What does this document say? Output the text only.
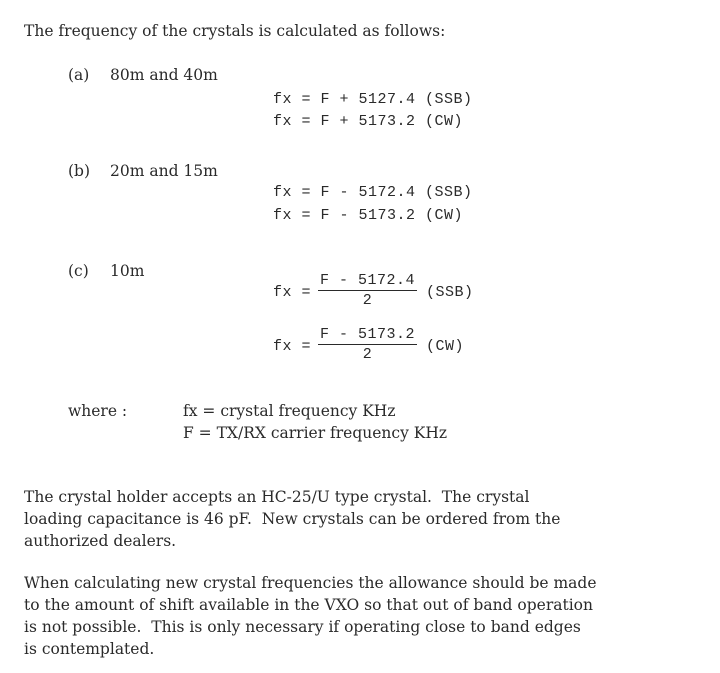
The frequency of the crystals is calculated as follows:
(a) 80m and 40m
fx = F + 5127.4 (SSB)
fx = F + 5173.2 (CW)
(b) 20m and 15m
fx = F - 5172.4 (SSB)
fx = F - 5173.2 (CW)
(c) 10m
fx = $\frac{F - 5172.4}{2} (SSB)$
fx = $\frac{F - 5173.2}{2} (CW)$
where :	fx = crystal frequency KHz
F = TX/RX carrier frequency KHz
The crystal holder accepts an HC-25/U type crystal.  The crystal
loading capacitance is 46 pF.  New crystals can be ordered from the
authorized dealers.
When calculating new crystal frequencies the allowance should be made
to the amount of shift available in the VXO so that out of band operation
is not possible.  This is only necessary if operating close to band edges
is contemplated.
